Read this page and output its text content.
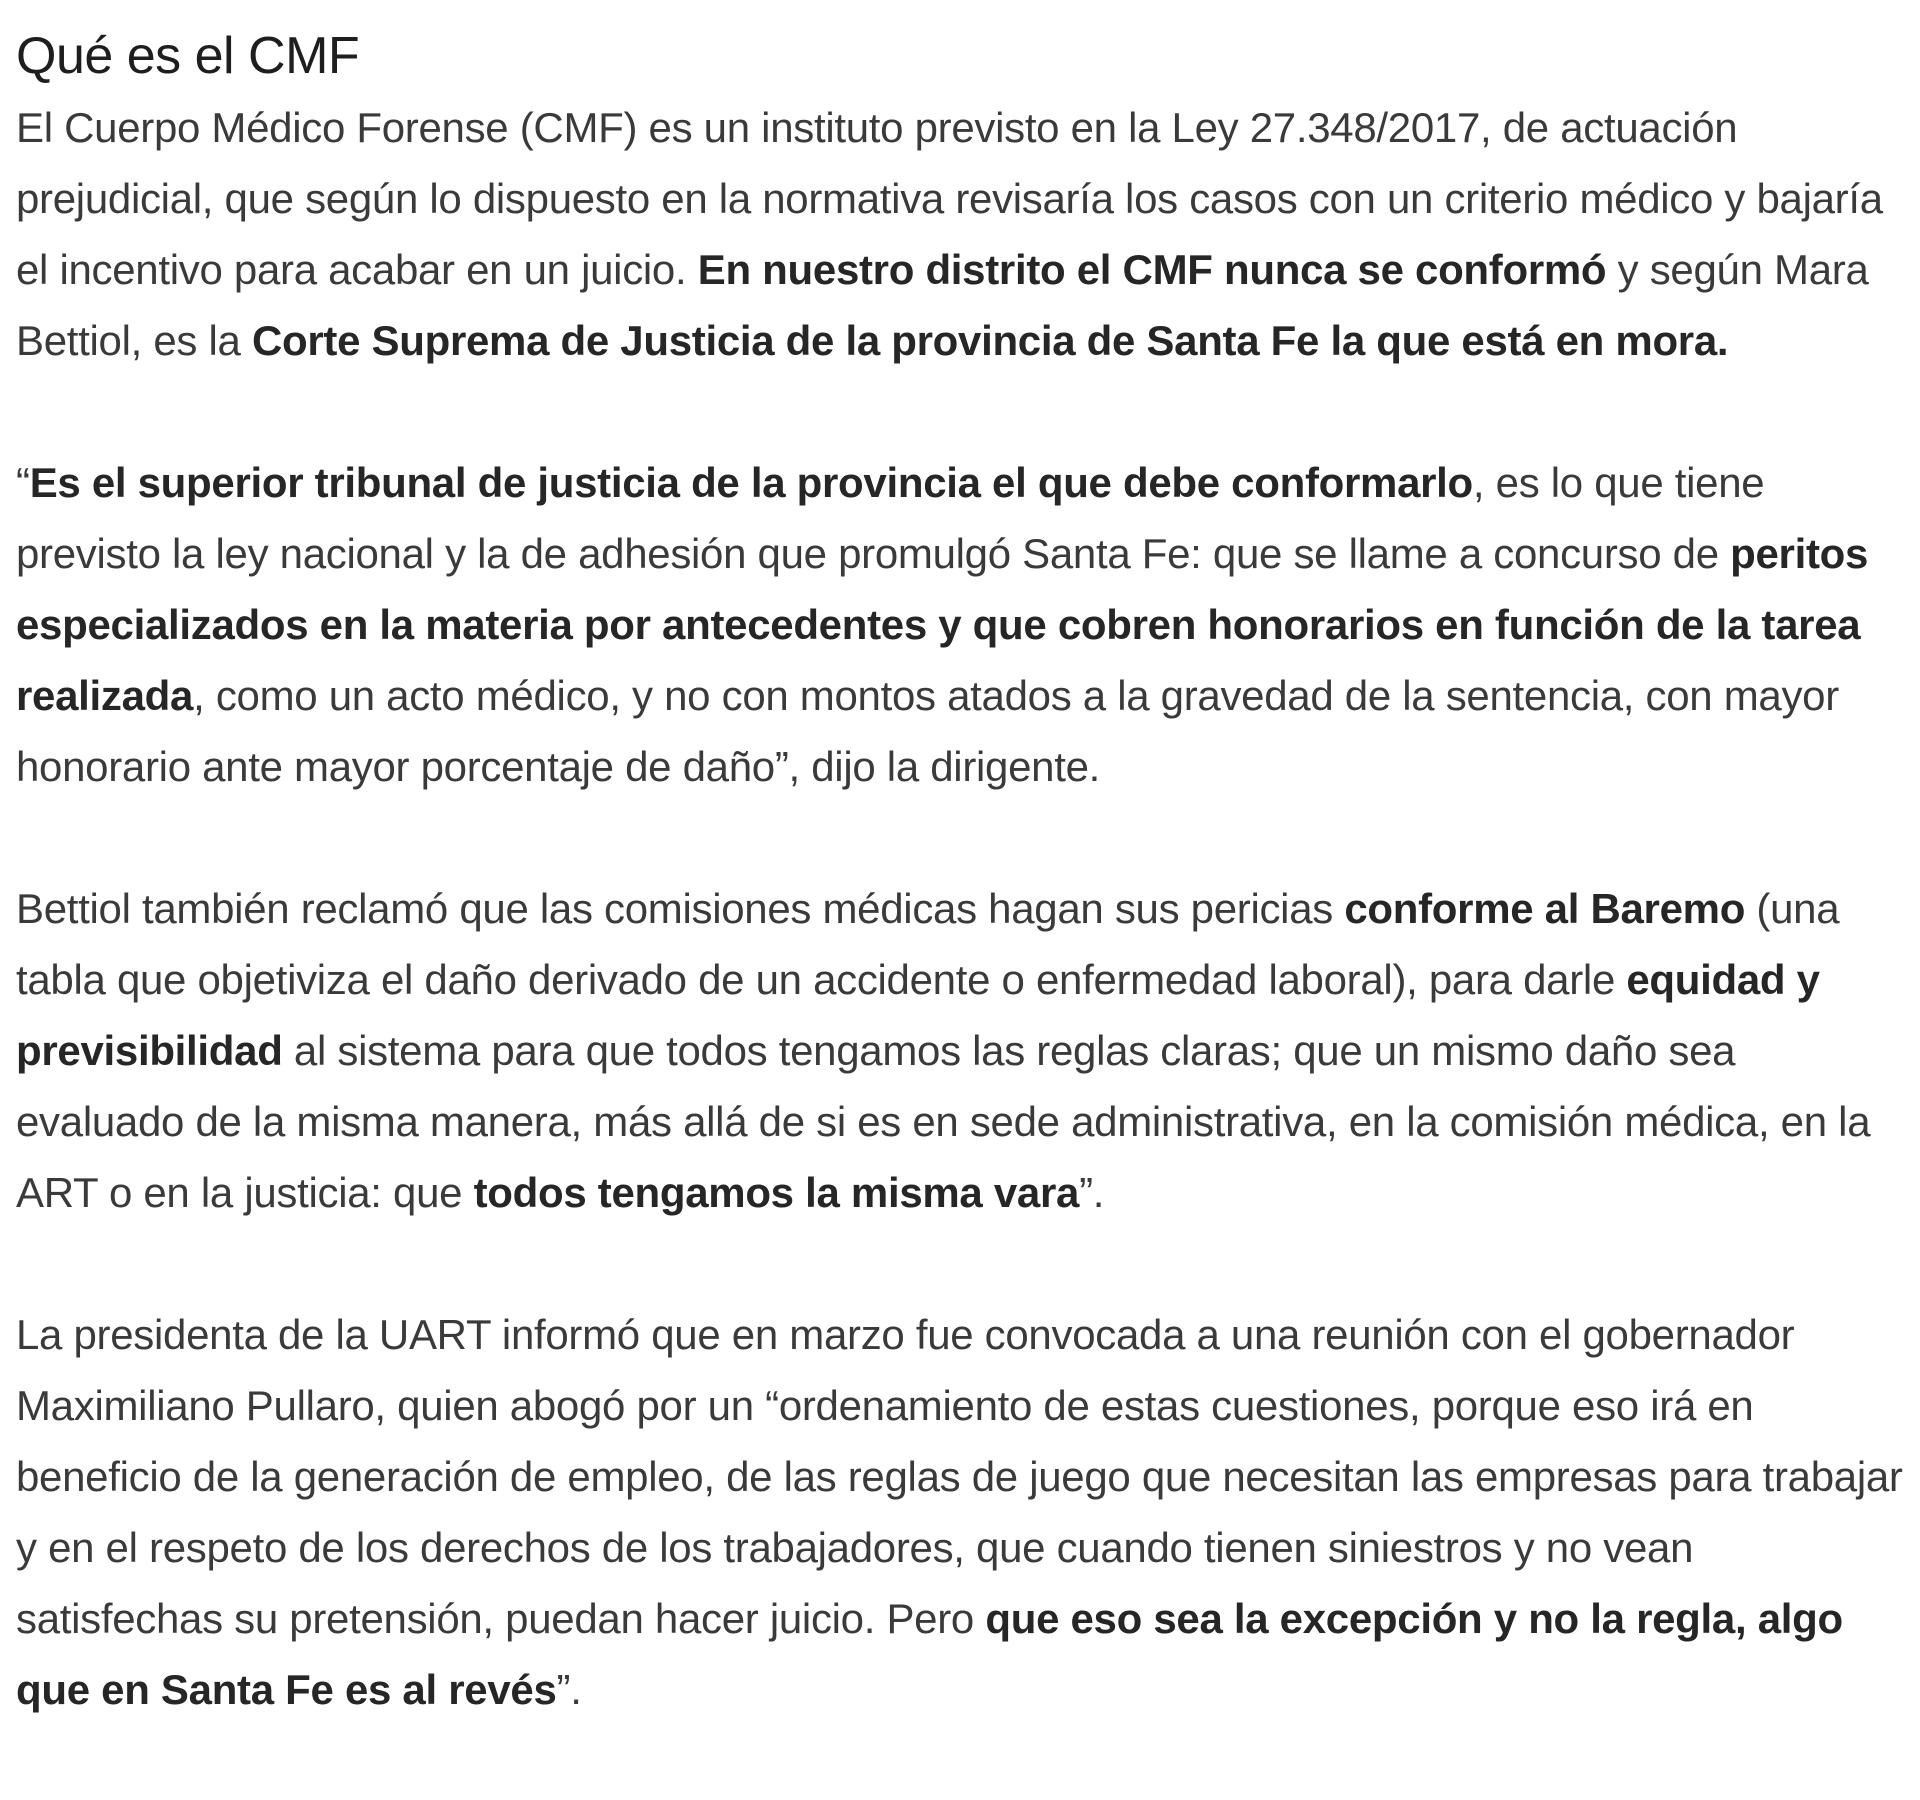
Qué es el CMF

El Cuerpo Médico Forense (CMF) es un instituto previsto en la Ley 27.348/2017, de actuación prejudicial, que según lo dispuesto en la normativa revisaría los casos con un criterio médico y bajaría el incentivo para acabar en un juicio. En nuestro distrito el CMF nunca se conformó y según Mara Bettiol, es la Corte Suprema de Justicia de la provincia de Santa Fe la que está en mora.

“Es el superior tribunal de justicia de la provincia el que debe conformarlo, es lo que tiene previsto la ley nacional y la de adhesión que promulgó Santa Fe: que se llame a concurso de peritos especializados en la materia por antecedentes y que cobren honorarios en función de la tarea realizada, como un acto médico, y no con montos atados a la gravedad de la sentencia, con mayor honorario ante mayor porcentaje de daño”, dijo la dirigente.

Bettiol también reclamó que las comisiones médicas hagan sus pericias conforme al Baremo (una tabla que objetiviza el daño derivado de un accidente o enfermedad laboral), para darle equidad y previsibilidad al sistema para que todos tengamos las reglas claras; que un mismo daño sea evaluado de la misma manera, más allá de si es en sede administrativa, en la comisión médica, en la ART o en la justicia: que todos tengamos la misma vara”.

La presidenta de la UART informó que en marzo fue convocada a una reunión con el gobernador Maximiliano Pullaro, quien abogó por un “ordenamiento de estas cuestiones, porque eso irá en beneficio de la generación de empleo, de las reglas de juego que necesitan las empresas para trabajar y en el respeto de los derechos de los trabajadores, que cuando tienen siniestros y no vean satisfechas su pretensión, puedan hacer juicio. Pero que eso sea la excepción y no la regla, algo que en Santa Fe es al revés”.
